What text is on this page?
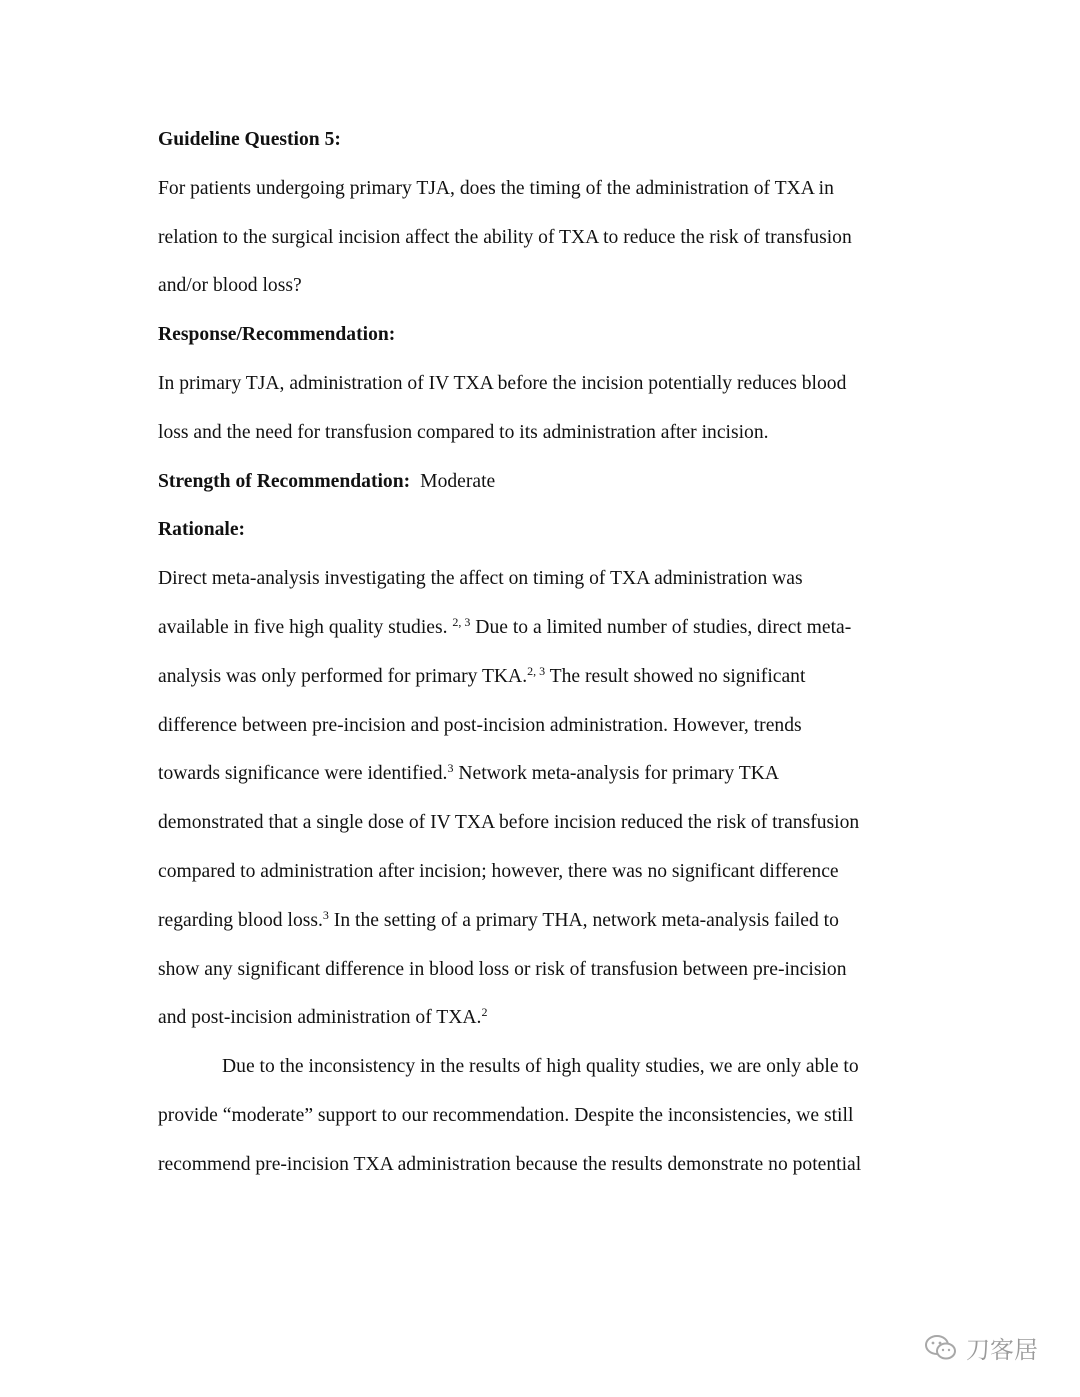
Guideline Question 5:

For patients undergoing primary TJA, does the timing of the administration of TXA in

relation to the surgical incision affect the ability of TXA to reduce the risk of transfusion

and/or blood loss?

Response/Recommendation:

In primary TJA, administration of IV TXA before the incision potentially reduces blood

loss and the need for transfusion compared to its administration after incision.

Strength of Recommendation: Moderate

Rationale:

Direct meta-analysis investigating the affect on timing of TXA administration was

available in five high quality studies. $^{2, 3}$ Due to a limited number of studies, direct meta-

analysis was only performed for primary TKA.$^{2, 3}$ The result showed no significant

difference between pre-incision and post-incision administration. However, trends

towards significance were identified.$^3$ Network meta-analysis for primary TKA

demonstrated that a single dose of IV TXA before incision reduced the risk of transfusion

compared to administration after incision; however, there was no significant difference

regarding blood loss.$^3$ In the setting of a primary THA, network meta-analysis failed to

show any significant difference in blood loss or risk of transfusion between pre-incision

and post-incision administration of TXA.$^2$

Due to the inconsistency in the results of high quality studies, we are only able to

provide “moderate” support to our recommendation. Despite the inconsistencies, we still

recommend pre-incision TXA administration because the results demonstrate no potential

刀客居
